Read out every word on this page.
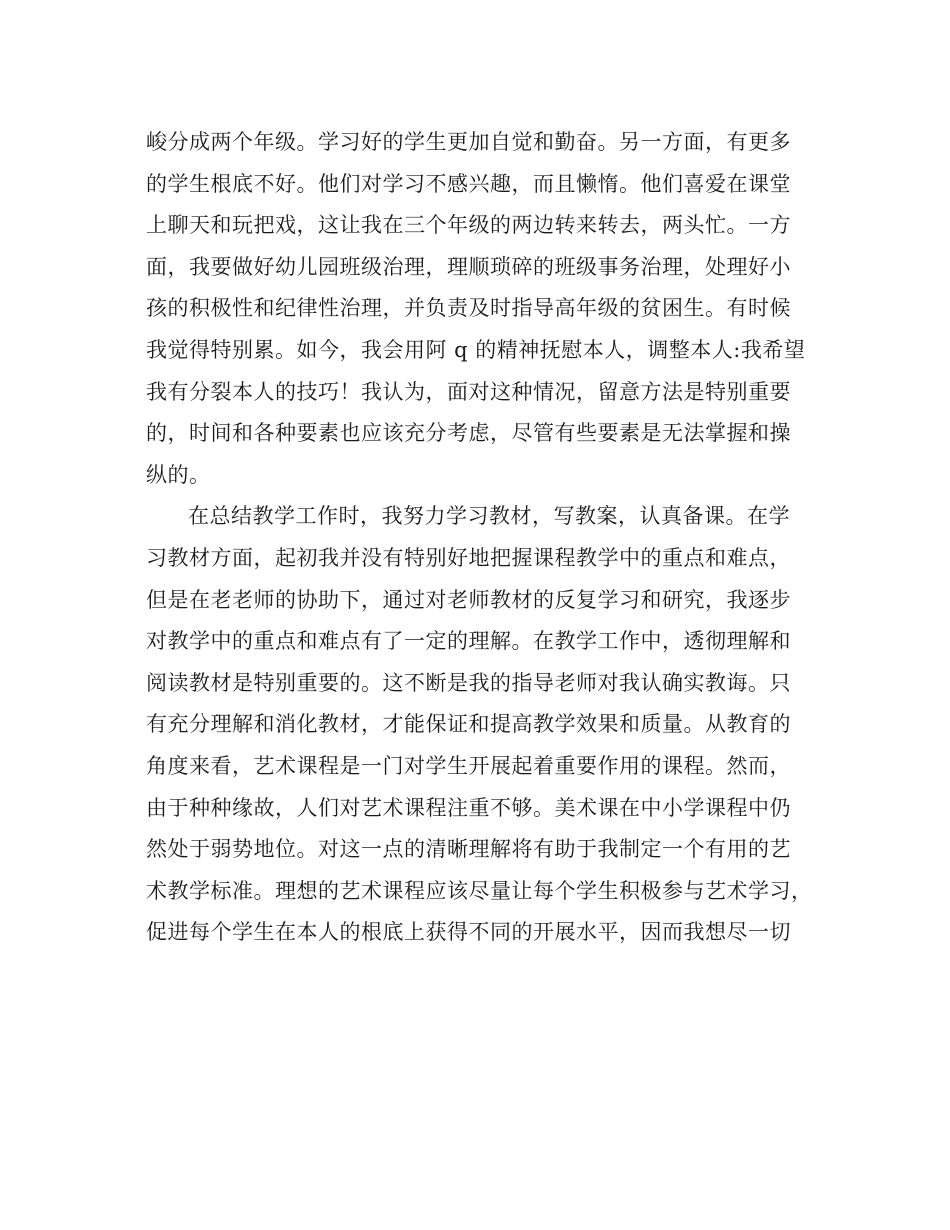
峻分成两个年级。学习好的学生更加自觉和勤奋。另一方面，有更多
的学生根底不好。他们对学习不感兴趣，而且懒惰。他们喜爱在课堂
上聊天和玩把戏，这让我在三个年级的两边转来转去，两头忙。一方
面，我要做好幼儿园班级治理，理顺琐碎的班级事务治理，处理好小
孩的积极性和纪律性治理，并负责及时指导高年级的贫困生。有时候
我觉得特别累。如今，我会用阿 q 的精神抚慰本人，调整本人:我希望
我有分裂本人的技巧！我认为，面对这种情况，留意方法是特别重要
的，时间和各种要素也应该充分考虑，尽管有些要素是无法掌握和操
纵的。
在总结教学工作时，我努力学习教材，写教案，认真备课。在学
习教材方面，起初我并没有特别好地把握课程教学中的重点和难点，
但是在老老师的协助下，通过对老师教材的反复学习和研究，我逐步
对教学中的重点和难点有了一定的理解。在教学工作中，透彻理解和
阅读教材是特别重要的。这不断是我的指导老师对我认确实教诲。只
有充分理解和消化教材，才能保证和提高教学效果和质量。从教育的
角度来看，艺术课程是一门对学生开展起着重要作用的课程。然而，
由于种种缘故，人们对艺术课程注重不够。美术课在中小学课程中仍
然处于弱势地位。对这一点的清晰理解将有助于我制定一个有用的艺
术教学标准。理想的艺术课程应该尽量让每个学生积极参与艺术学习，
促进每个学生在本人的根底上获得不同的开展水平，因而我想尽一切
